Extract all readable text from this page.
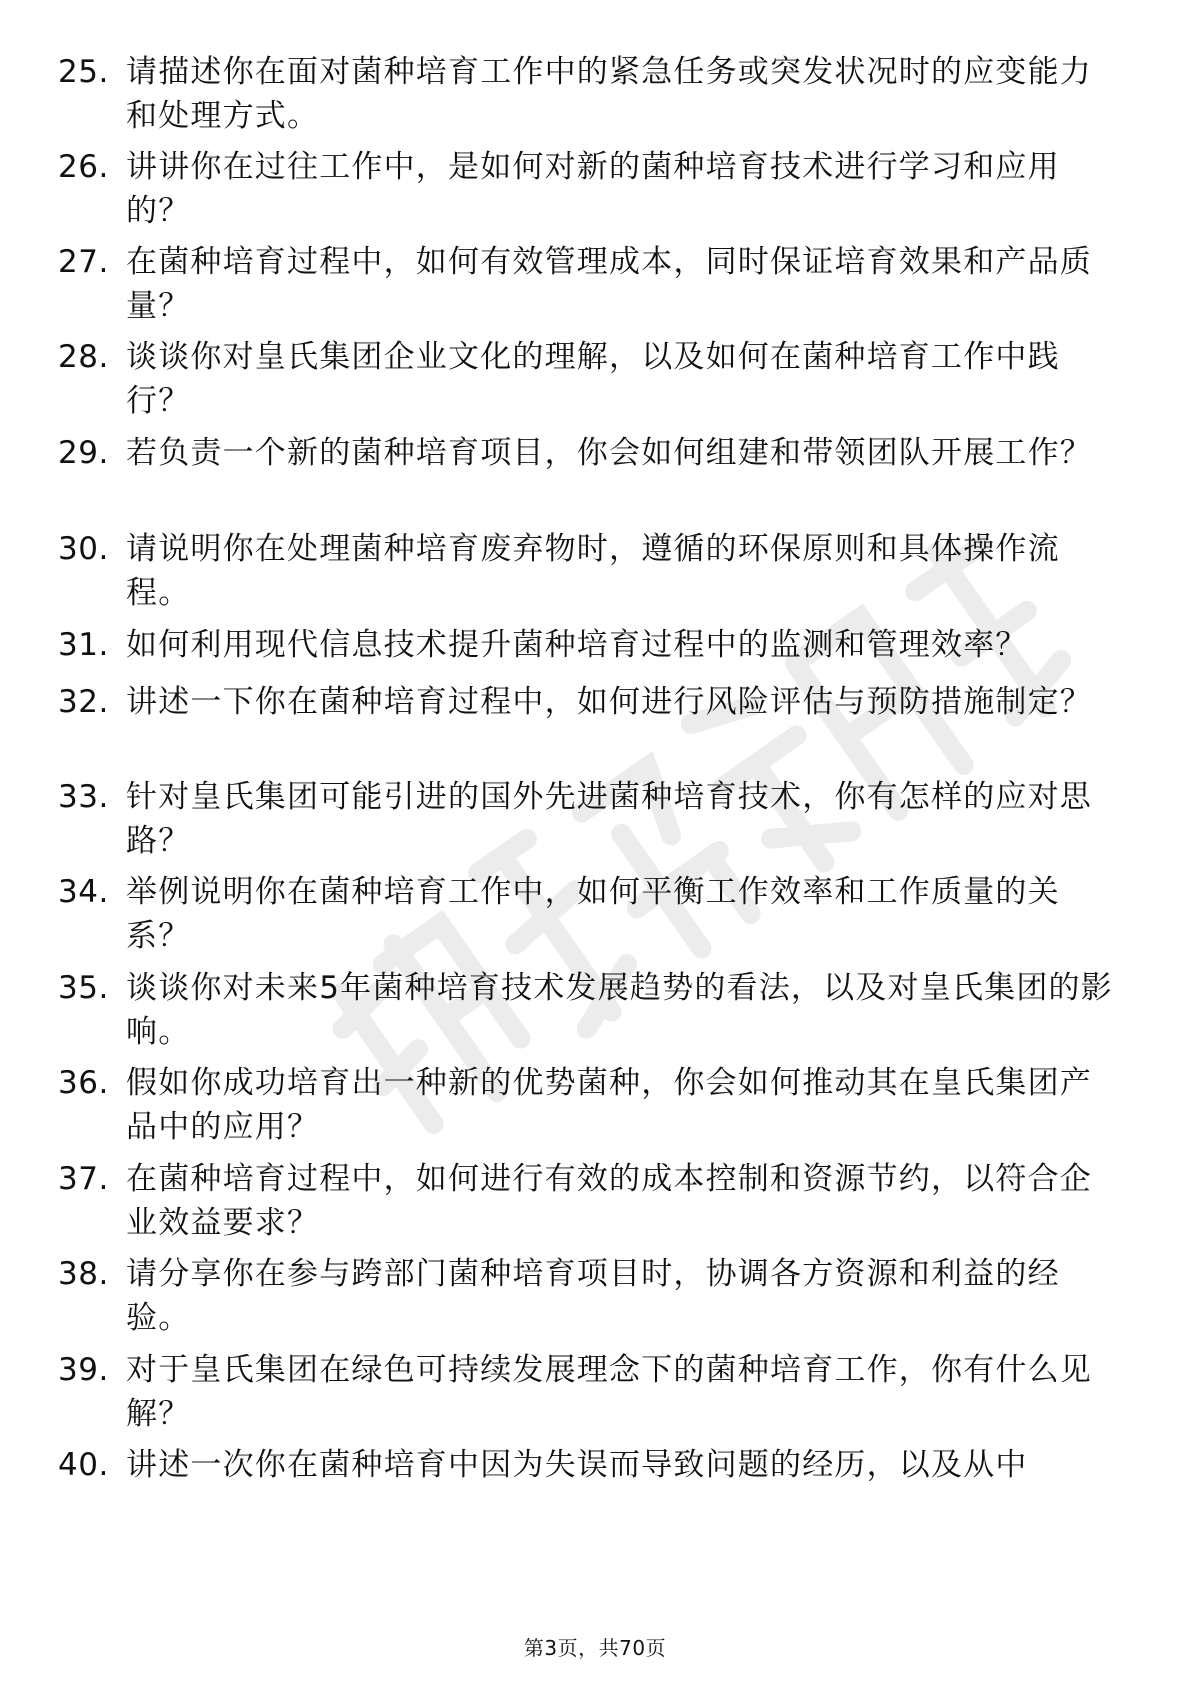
25. 请描述你在面对菌种培育工作中的紧急任务或突发状况时的应变能力和处理方式。
26. 讲讲你在过往工作中，是如何对新的菌种培育技术进行学习和应用的？
27. 在菌种培育过程中，如何有效管理成本，同时保证培育效果和产品质量？
28. 谈谈你对皇氏集团企业文化的理解，以及如何在菌种培育工作中践行？
29. 若负责一个新的菌种培育项目，你会如何组建和带领团队开展工作？
30. 请说明你在处理菌种培育废弃物时，遵循的环保原则和具体操作流程。
31. 如何利用现代信息技术提升菌种培育过程中的监测和管理效率？
32. 讲述一下你在菌种培育过程中，如何进行风险评估与预防措施制定？
33. 针对皇氏集团可能引进的国外先进菌种培育技术，你有怎样的应对思路？
34. 举例说明你在菌种培育工作中，如何平衡工作效率和工作质量的关系？
35. 谈谈你对未来5年菌种培育技术发展趋势的看法，以及对皇氏集团的影响。
36. 假如你成功培育出一种新的优势菌种，你会如何推动其在皇氏集团产品中的应用？
37. 在菌种培育过程中，如何进行有效的成本控制和资源节约，以符合企业效益要求？
38. 请分享你在参与跨部门菌种培育项目时，协调各方资源和利益的经验。
39. 对于皇氏集团在绿色可持续发展理念下的菌种培育工作，你有什么见解？
40. 讲述一次你在菌种培育中因为失误而导致问题的经历，以及从中
第3页，共70页
